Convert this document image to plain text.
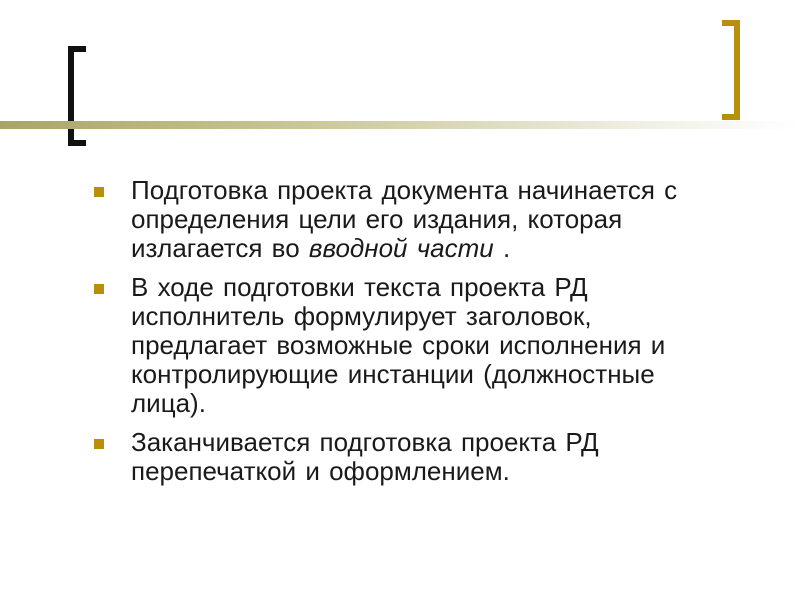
Подготовка проекта документа начинается с определения цели его издания, которая излагается во вводной части .
В ходе подготовки текста проекта РД исполнитель формулирует заголовок, предлагает возможные сроки исполнения и контролирующие инстанции (должностные лица).
Заканчивается подготовка проекта РД перепечаткой и оформлением.
